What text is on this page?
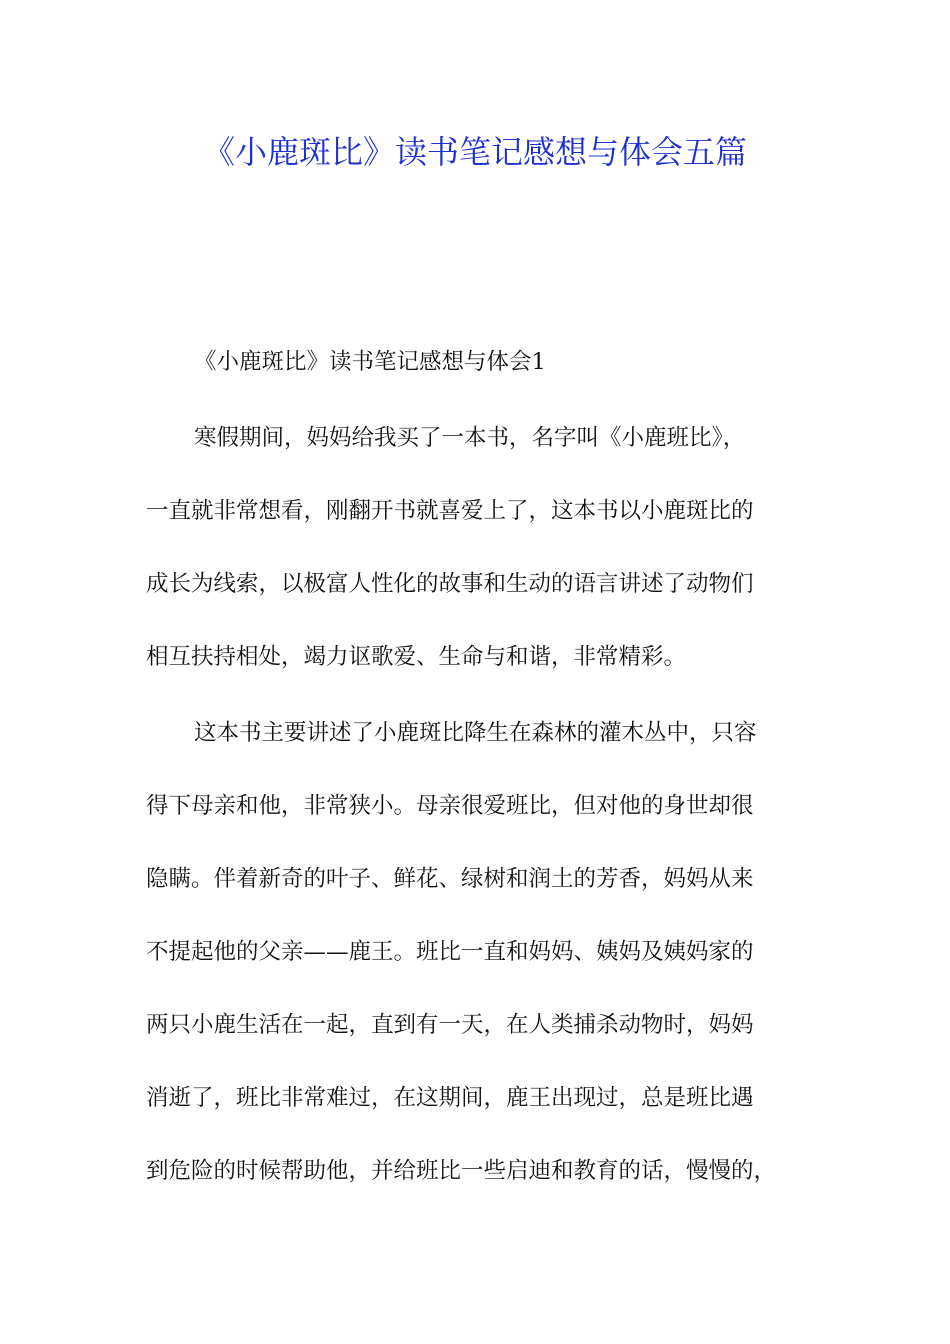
《小鹿斑比》读书笔记感想与体会五篇

《小鹿斑比》读书笔记感想与体会1

寒假期间，妈妈给我买了一本书，名字叫《小鹿班比》，

一直就非常想看，刚翻开书就喜爱上了，这本书以小鹿斑比的

成长为线索，以极富人性化的故事和生动的语言讲述了动物们

相互扶持相处，竭力讴歌爱、生命与和谐，非常精彩。

这本书主要讲述了小鹿斑比降生在森林的灌木丛中，只容

得下母亲和他，非常狭小。母亲很爱班比，但对他的身世却很

隐瞒。伴着新奇的叶子、鲜花、绿树和润土的芳香，妈妈从来

不提起他的父亲——鹿王。班比一直和妈妈、姨妈及姨妈家的

两只小鹿生活在一起，直到有一天，在人类捕杀动物时，妈妈

消逝了，班比非常难过，在这期间，鹿王出现过，总是班比遇

到危险的时候帮助他，并给班比一些启迪和教育的话，慢慢的，
